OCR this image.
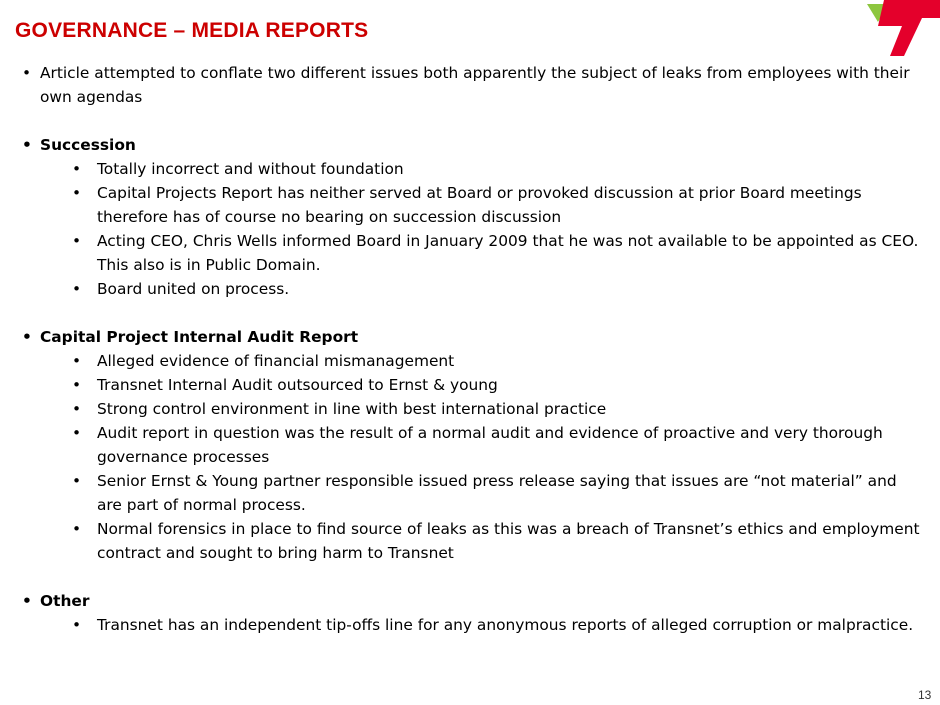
GOVERNANCE – MEDIA REPORTS
• Article attempted to conflate two different issues both apparently the subject of leaks from employees with their own agendas
• Succession
• Totally incorrect and without foundation
• Capital Projects Report has neither served at Board or provoked discussion at prior Board meetings therefore has of course no bearing on succession discussion
• Acting CEO, Chris Wells informed Board in January 2009 that he was not available to be appointed as CEO. This also is in Public Domain.
• Board united on process.
• Capital Project Internal Audit Report
• Alleged evidence of financial mismanagement
• Transnet Internal Audit outsourced to Ernst & young
• Strong control environment in line with best international practice
• Audit report in question was the result of a normal audit and evidence of proactive and very thorough governance processes
• Senior Ernst & Young partner responsible issued press release saying that issues are “not material” and are part of normal process.
• Normal forensics in place to find source of leaks as this was a breach of Transnet’s ethics and employment contract and sought to bring harm to Transnet
• Other
• Transnet has an independent tip-offs line for any anonymous reports of alleged corruption or malpractice.
13
